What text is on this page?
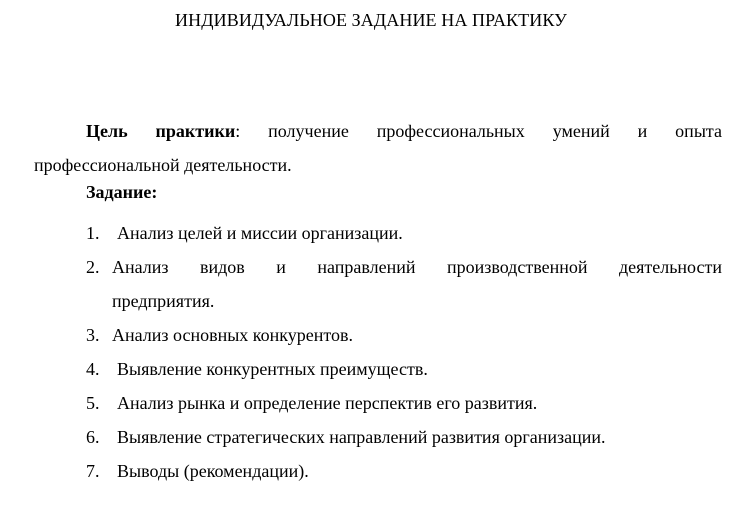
ИНДИВИДУАЛЬНОЕ ЗАДАНИЕ НА ПРАКТИКУ
Цель практики: получение профессиональных умений и опыта профессиональной деятельности.
Задание:
1. Анализ целей и миссии организации.
2. Анализ видов и направлений производственной деятельности
предприятия.
3. Анализ основных конкурентов.
4. Выявление конкурентных преимуществ.
5. Анализ рынка и определение перспектив его развития.
6. Выявление стратегических направлений развития организации.
7. Выводы (рекомендации).
